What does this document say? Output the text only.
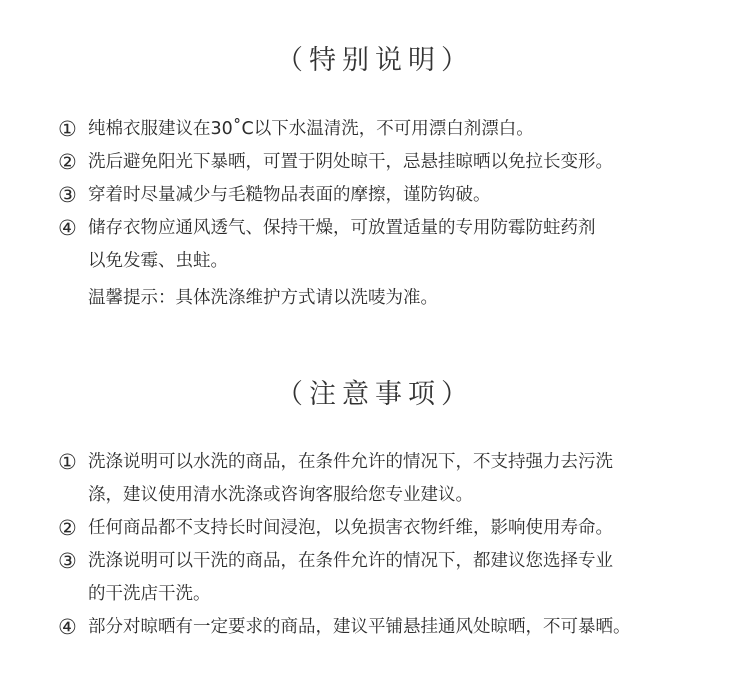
（特别说明）
① 纯棉衣服建议在30˚C以下水温清洗，不可用漂白剂漂白。
② 洗后避免阳光下暴晒，可置于阴处晾干，忌悬挂晾晒以免拉长变形。
③ 穿着时尽量减少与毛糙物品表面的摩擦，谨防钩破。
④ 储存衣物应通风透气、保持干燥，可放置适量的专用防霉防蛀药剂
以免发霉、虫蛀。
温馨提示：具体洗涤维护方式请以洗唛为准。
（注意事项）
① 洗涤说明可以水洗的商品，在条件允许的情况下，不支持强力去污洗
涤，建议使用清水洗涤或咨询客服给您专业建议。
② 任何商品都不支持长时间浸泡，以免损害衣物纤维，影响使用寿命。
③ 洗涤说明可以干洗的商品，在条件允许的情况下，都建议您选择专业
的干洗店干洗。
④ 部分对晾晒有一定要求的商品，建议平铺悬挂通风处晾晒，不可暴晒。
